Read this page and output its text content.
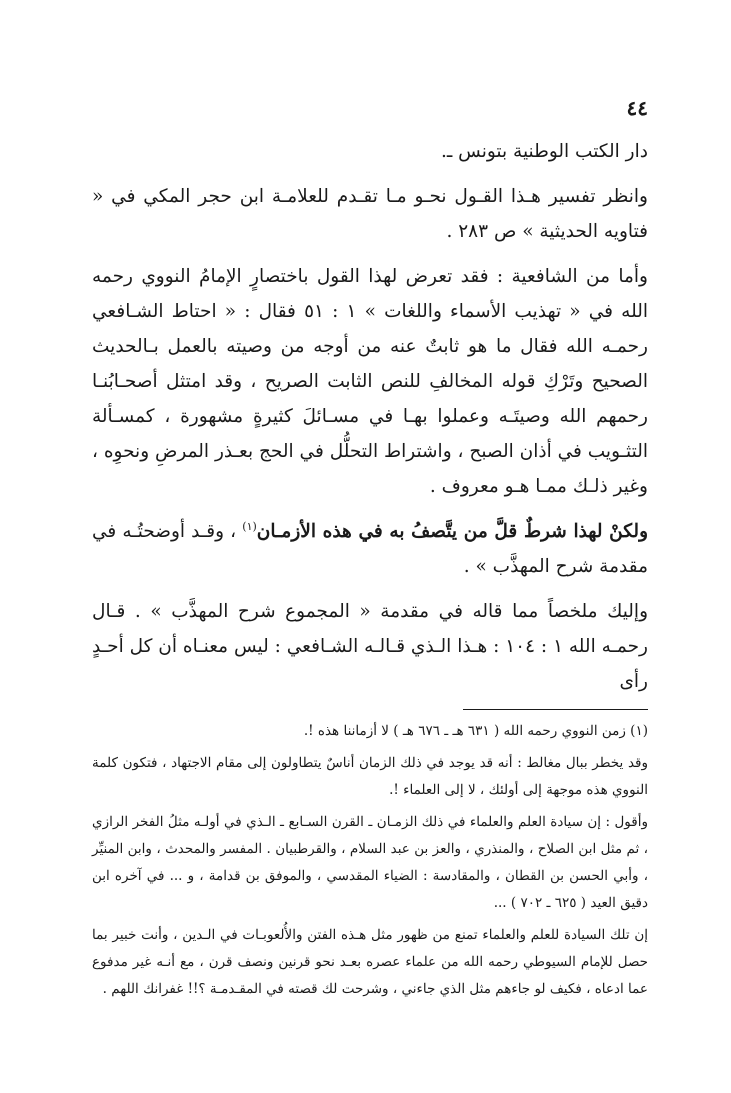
٤٤

دار الكتب الوطنية بتونس ـ.

وانظر تفسير هـذا القـول نحـو مـا تقـدم للعلامـة ابن حجر المكي في « فتاويه الحديثية » ص ٢٨٣ .

وأما من الشافعية : فقد تعرض لهذا القول باختصارٍ الإمامُ النووي رحمه الله في « تهذيب الأسماء واللغات » ١ : ٥١ فقال : « احتاط الشـافعي رحمـه الله فقال ما هو ثابتٌ عنه من أوجه من وصيته بالعمل بـالحديث الصحيح وتَرْكِ قوله المخالفِ للنص الثابت الصريح ، وقد امتثل أصحـابُنـا رحمهم الله وصيتَـه وعملوا بهـا في مسـائلَ كثيرةٍ مشهورة ، كمسـألة التثـويب في أذان الصبح ، واشتراط التحلُّل في الحج بعـذر المرضِ ونحوِه ، وغير ذلـك ممـا هـو معروف .

ولكنْ لهذا شرطٌ قلَّ من يتَّصفُ به في هذه الأزمـان$^{(١)}$ ، وقـد أوضحتُـه في مقدمة شرح المهذَّب » .

وإليك ملخصاً مما قاله في مقدمة « المجموع شرح المهذَّب » . قـال رحمـه الله ١ : ١٠٤ : هـذا الـذي قـالـه الشـافعي : ليس معنـاه أن كل أحـدٍ رأى

(١) زمن النووي رحمه الله ( ٦٣١ هـ ـ ٦٧٦ هـ ) لا أزماننا هذه !.

وقد يخطر ببال مغالط : أنه قد يوجد في ذلك الزمان أناسٌ يتطاولون إلى مقام الاجتهاد ، فتكون كلمة النووي هذه موجهة إلى أولئك ، لا إلى العلماء !.

وأقول : إن سيادة العلم والعلماء في ذلك الزمـان ـ القرن السـابع ـ الـذي في أولـه مثلُ الفخر الرازي ، ثم مثل ابن الصلاح ، والمنذري ، والعز بن عبد السلام ، والقرطبيان . المفسر والمحدث ، وابن المنيِّر ، وأبي الحسن بن القطان ، والمقادسة : الضياء المقدسي ، والموفق بن قدامة ، و ... في آخره ابن دقيق العيد ( ٦٢٥ ـ ٧٠٢ ) ...

إن تلك السيادة للعلم والعلماء تمنع من ظهور مثل هـذه الفتن والأُلعوبـات في الـدين ، وأنت خبير بما حصل للإمام السيوطي رحمه الله من علماء عصره بعـد نحو قرنين ونصف قرن ، مع أنـه غير مدفوع عما ادعاه ، فكيف لو جاءهم مثل الذي جاءني ، وشرحت لك قصته في المقـدمـة ؟!! غفرانك اللهم .
